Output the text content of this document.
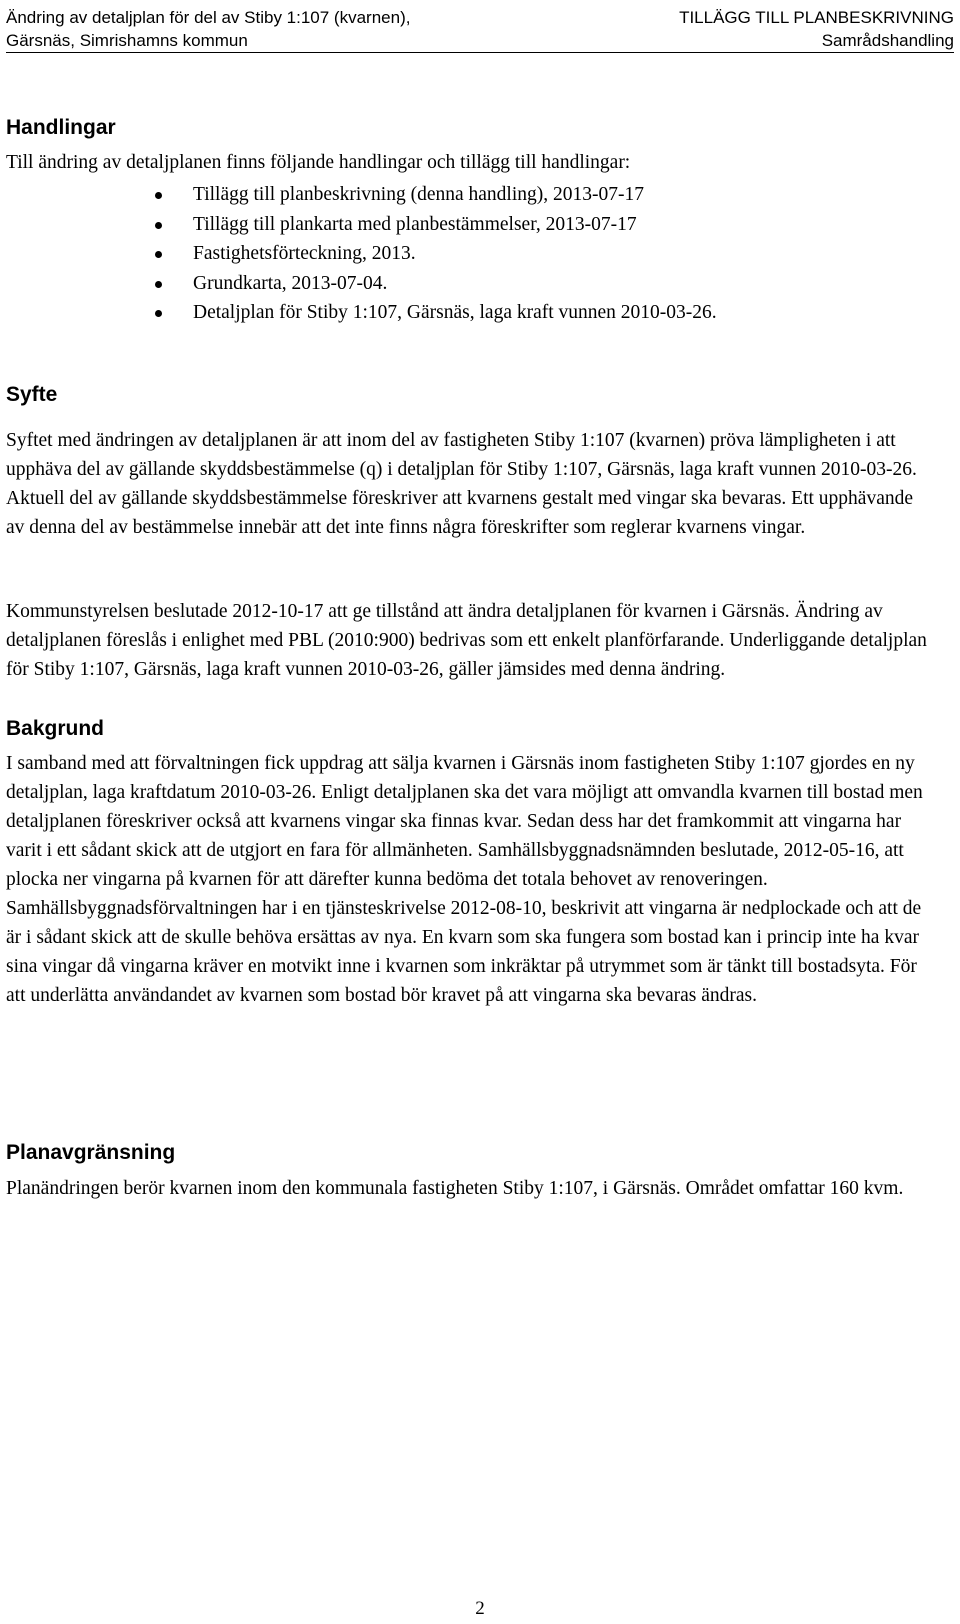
Ändring av detaljplan för del av Stiby 1:107 (kvarnen),
Gärsnäs, Simrishamns kommun
TILLÄGG TILL PLANBESKRIVNING
Samrådshandling
Handlingar

Till ändring av detaljplanen finns följande handlingar och tillägg till handlingar:

Tillägg till planbeskrivning (denna handling), 2013-07-17
Tillägg till plankarta med planbestämmelser, 2013-07-17
Fastighetsförteckning, 2013.
Grundkarta, 2013-07-04.
Detaljplan för Stiby 1:107, Gärsnäs, laga kraft vunnen 2010-03-26.
Syfte

Syftet med ändringen av detaljplanen är att inom del av fastigheten Stiby 1:107 (kvarnen) pröva lämpligheten i att upphäva del av gällande skyddsbestämmelse (q) i detaljplan för Stiby 1:107, Gärsnäs, laga kraft vunnen 2010-03-26. Aktuell del av gällande skyddsbestämmelse föreskriver att kvarnens gestalt med vingar ska bevaras. Ett upphävande av denna del av bestämmelse innebär att det inte finns några föreskrifter som reglerar kvarnens vingar.

Kommunstyrelsen beslutade 2012-10-17 att ge tillstånd att ändra detaljplanen för kvarnen i Gärsnäs. Ändring av detaljplanen föreslås i enlighet med PBL (2010:900) bedrivas som ett enkelt planförfarande. Underliggande detaljplan för Stiby 1:107, Gärsnäs, laga kraft vunnen 2010-03-26, gäller jämsides med denna ändring.

Bakgrund

I samband med att förvaltningen fick uppdrag att sälja kvarnen i Gärsnäs inom fastigheten Stiby 1:107 gjordes en ny detaljplan, laga kraftdatum 2010-03-26. Enligt detaljplanen ska det vara möjligt att omvandla kvarnen till bostad men detaljplanen föreskriver också att kvarnens vingar ska finnas kvar. Sedan dess har det framkommit att vingarna har varit i ett sådant skick att de utgjort en fara för allmänheten. Samhällsbyggnadsnämnden beslutade, 2012-05-16, att plocka ner vingarna på kvarnen för att därefter kunna bedöma det totala behovet av renoveringen. Samhällsbyggnadsförvaltningen har i en tjänsteskrivelse 2012-08-10, beskrivit att vingarna är nedplockade och att de är i sådant skick att de skulle behöva ersättas av nya. En kvarn som ska fungera som bostad kan i princip inte ha kvar sina vingar då vingarna kräver en motvikt inne i kvarnen som inkräktar på utrymmet som är tänkt till bostadsyta. För att underlätta användandet av kvarnen som bostad bör kravet på att vingarna ska bevaras ändras.

Planavgränsning

Planändringen berör kvarnen inom den kommunala fastigheten Stiby 1:107, i Gärsnäs. Området omfattar 160 kvm.

2
